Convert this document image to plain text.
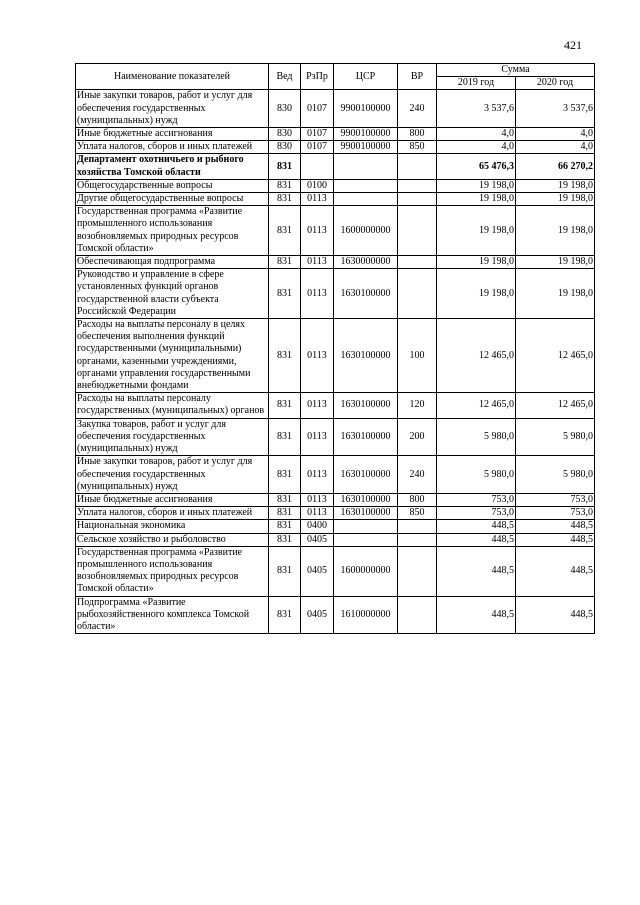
421
Наименование показателей	Вед	РзПр	ЦСР	ВР	Сумма	
					2019 год	2020 год
Иные закупки товаров, работ и услуг для обеспечения государственных (муниципальных) нужд	830	0107	9900100000	240	3 537,6	3 537,6
Иные бюджетные ассигнования	830	0107	9900100000	800	4,0	4,0
Уплата налогов, сборов и иных платежей	830	0107	9900100000	850	4,0	4,0
Департамент охотничьего и рыбного хозяйства Томской области	831				65 476,3	66 270,2
Общегосударственные вопросы	831	0100			19 198,0	19 198,0
Другие общегосударственные вопросы	831	0113			19 198,0	19 198,0
Государственная программа «Развитие промышленного использования возобновляемых природных ресурсов Томской области»	831	0113	1600000000		19 198,0	19 198,0
Обеспечивающая подпрограмма	831	0113	1630000000		19 198,0	19 198,0
Руководство и управление в сфере установленных функций органов государственной власти субъекта Российской Федерации	831	0113	1630100000		19 198,0	19 198,0
Расходы на выплаты персоналу в целях обеспечения выполнения функций государственными (муниципальными) органами, казенными учреждениями, органами управления государственными внебюджетными фондами	831	0113	1630100000	100	12 465,0	12 465,0
Расходы на выплаты персоналу государственных (муниципальных) органов	831	0113	1630100000	120	12 465,0	12 465,0
Закупка товаров, работ и услуг для обеспечения государственных (муниципальных) нужд	831	0113	1630100000	200	5 980,0	5 980,0
Иные закупки товаров, работ и услуг для обеспечения государственных (муниципальных) нужд	831	0113	1630100000	240	5 980,0	5 980,0
Иные бюджетные ассигнования	831	0113	1630100000	800	753,0	753,0
Уплата налогов, сборов и иных платежей	831	0113	1630100000	850	753,0	753,0
Национальная экономика	831	0400			448,5	448,5
Сельское хозяйство и рыболовство	831	0405			448,5	448,5
Государственная программа «Развитие промышленного использования возобновляемых природных ресурсов Томской области»	831	0405	1600000000		448,5	448,5
Подпрограмма «Развитие рыбохозяйственного комплекса Томской области»	831	0405	1610000000		448,5	448,5
